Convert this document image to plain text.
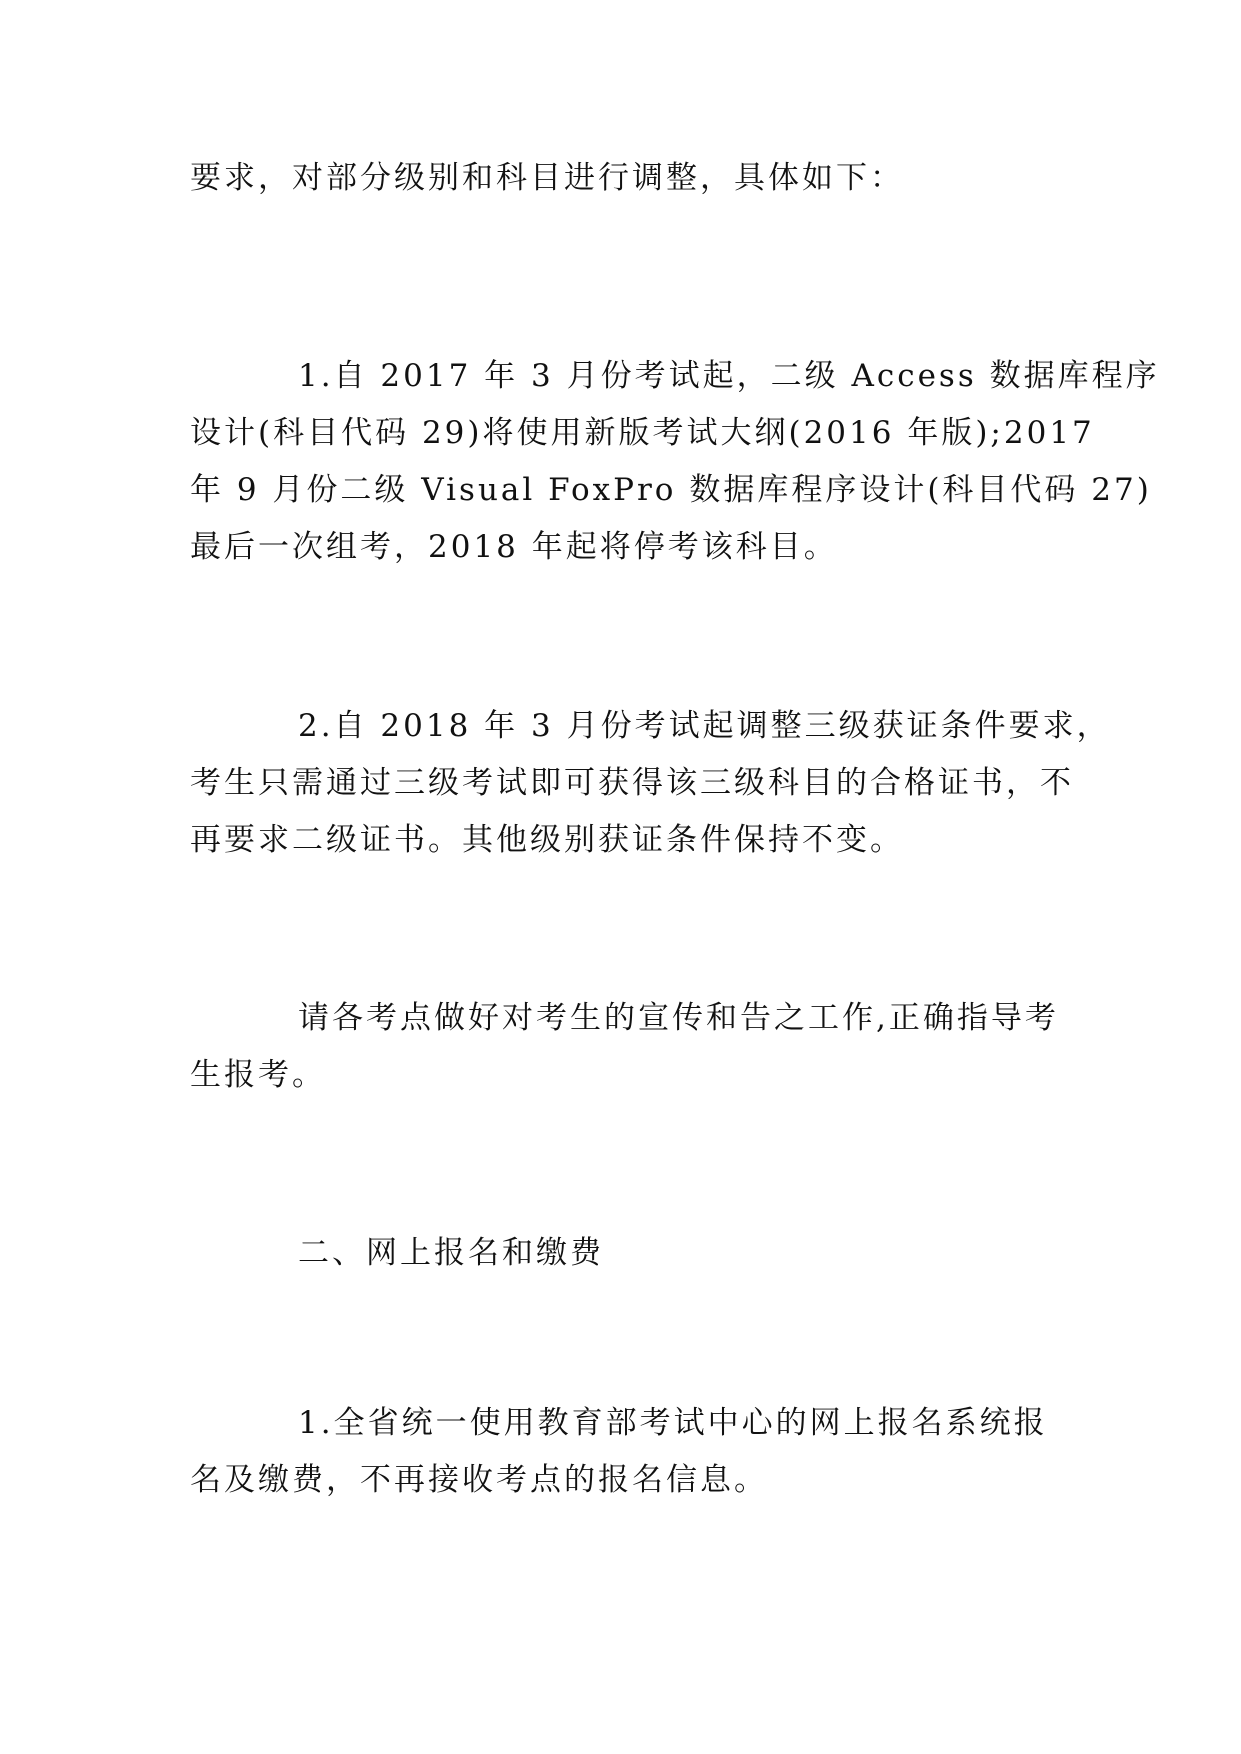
要求，对部分级别和科目进行调整，具体如下：

1.自 2017 年 3 月份考试起，二级 Access 数据库程序
设计(科目代码 29)将使用新版考试大纲(2016 年版);2017
年 9 月份二级 Visual FoxPro 数据库程序设计(科目代码 27)
最后一次组考，2018 年起将停考该科目。

2.自 2018 年 3 月份考试起调整三级获证条件要求，
考生只需通过三级考试即可获得该三级科目的合格证书，不
再要求二级证书。其他级别获证条件保持不变。

请各考点做好对考生的宣传和告之工作,正确指导考
生报考。

二、网上报名和缴费

1.全省统一使用教育部考试中心的网上报名系统报
名及缴费，不再接收考点的报名信息。
